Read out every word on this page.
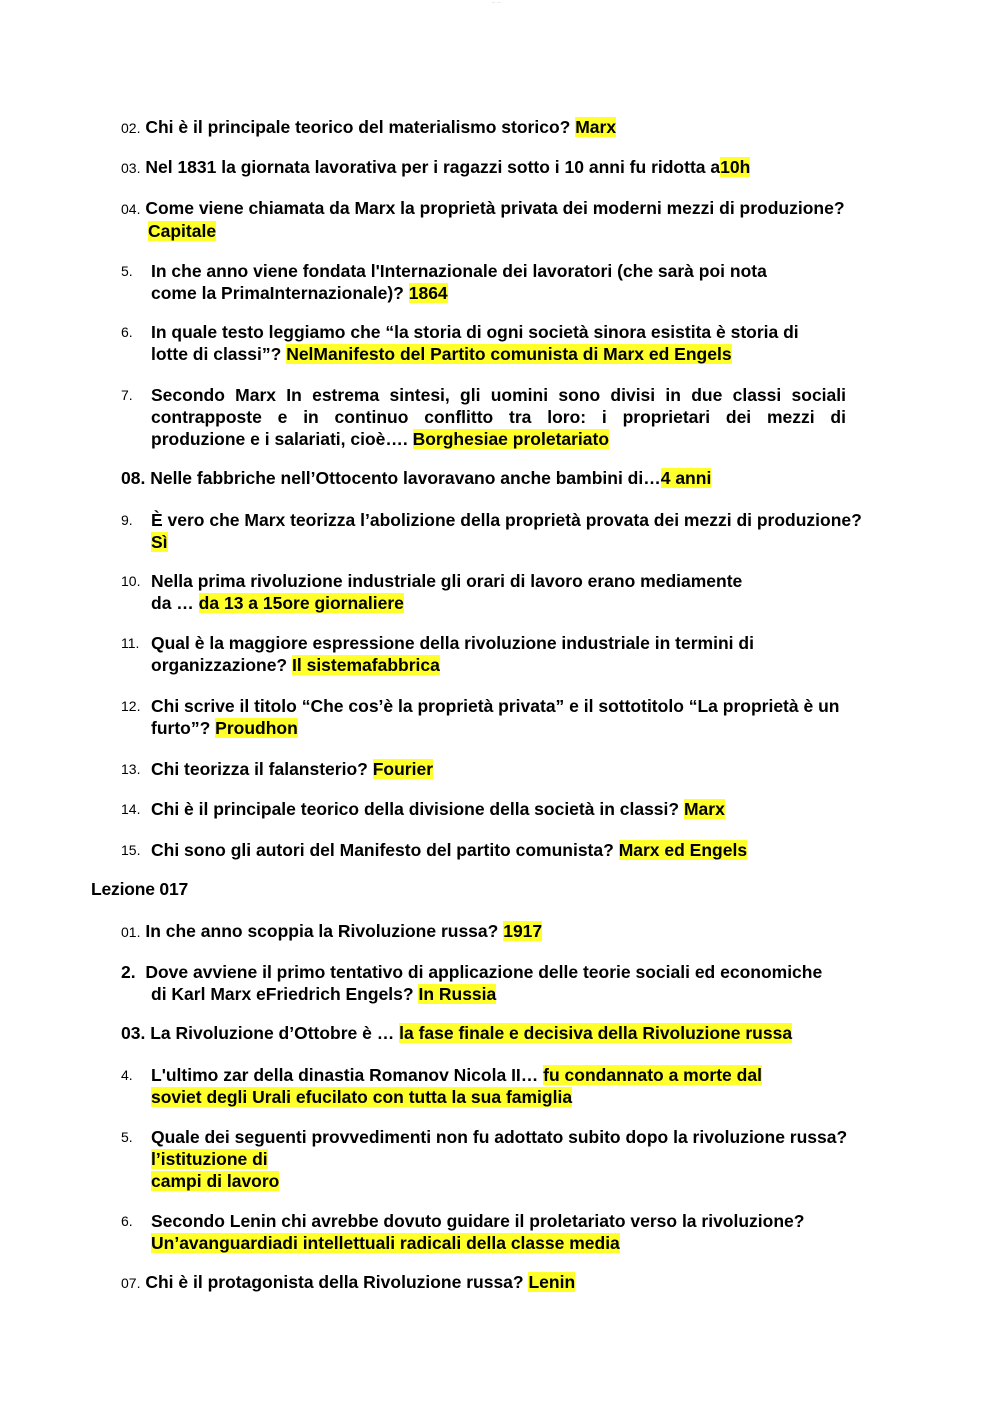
— · —
02. Chi è il principale teorico del materialismo storico? Marx
03. Nel 1831 la giornata lavorativa per i ragazzi sotto i 10 anni fu ridotta a10h
04. Come viene chiamata da Marx la proprietà privata dei moderni mezzi di produzione?
Capitale
5.	In che anno viene fondata l'Internazionale dei lavoratori (che sarà poi nota
come la PrimaInternazionale)? 1864
6.	In quale testo leggiamo che “la storia di ogni società sinora esistita è storia di
lotte di classi”? NelManifesto del Partito comunista di Marx ed Engels
7.	Secondo Marx In estrema sintesi, gli uomini sono divisi in due classi sociali
contrapposte e in continuo conflitto tra loro: i proprietari dei mezzi di
produzione e i salariati, cioè…. Borghesiae proletariato
08. Nelle fabbriche nell’Ottocento lavoravano anche bambini di…4 anni
9.	È vero che Marx teorizza l’abolizione della proprietà provata dei mezzi di produzione?
Sì
10. Nella prima rivoluzione industriale gli orari di lavoro erano mediamente
da … da 13 a 15ore giornaliere
11. Qual è la maggiore espressione della rivoluzione industriale in termini di
organizzazione? Il sistemafabbrica
12. Chi scrive il titolo “Che cos’è la proprietà privata” e il sottotitolo “La proprietà è un
furto”? Proudhon
13. Chi teorizza il falansterio? Fourier
14. Chi è il principale teorico della divisione della società in classi? Marx
15. Chi sono gli autori del Manifesto del partito comunista? Marx ed Engels
Lezione 017
01. In che anno scoppia la Rivoluzione russa? 1917
2. Dove avviene il primo tentativo di applicazione delle teorie sociali ed economiche
di Karl Marx eFriedrich Engels? In Russia
03. La Rivoluzione d’Ottobre è … la fase finale e decisiva della Rivoluzione russa
4.	L'ultimo zar della dinastia Romanov Nicola II… fu condannato a morte dal
soviet degli Urali efucilato con tutta la sua famiglia
5.	Quale dei seguenti provvedimenti non fu adottato subito dopo la rivoluzione russa?
l’istituzione di
campi di lavoro
6.	Secondo Lenin chi avrebbe dovuto guidare il proletariato verso la rivoluzione?
Un’avanguardiadi intellettuali radicali della classe media
07. Chi è il protagonista della Rivoluzione russa? Lenin
